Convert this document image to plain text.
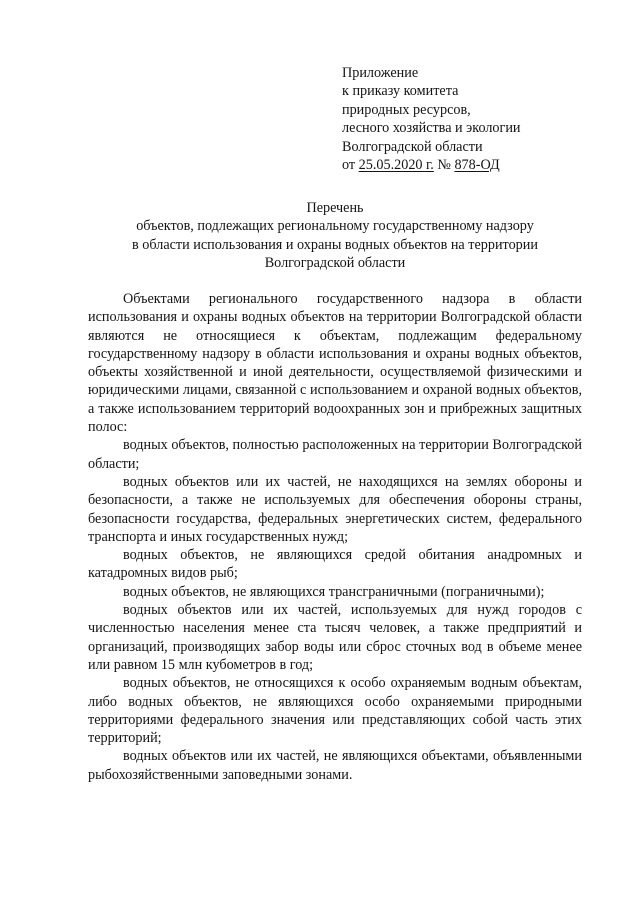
Приложение
к приказу комитета
природных ресурсов,
лесного хозяйства и экологии
Волгоградской области
от 25.05.2020 г. № 878-ОД
Перечень
объектов, подлежащих региональному государственному надзору
в области использования и охраны водных объектов на территории
Волгоградской области

Объектами регионального государственного надзора в области использования и охраны водных объектов на территории Волгоградской области являются не относящиеся к объектам, подлежащим федеральному государственному надзору в области использования и охраны водных объектов, объекты хозяйственной и иной деятельности, осуществляемой физическими и юридическими лицами, связанной с использованием и охраной водных объектов, а также использованием территорий водоохранных зон и прибрежных защитных полос:

водных объектов, полностью расположенных на территории Волгоградской области;

водных объектов или их частей, не находящихся на землях обороны и безопасности, а также не используемых для обеспечения обороны страны, безопасности государства, федеральных энергетических систем, федерального транспорта и иных государственных нужд;

водных объектов, не являющихся средой обитания анадромных и катадромных видов рыб;

водных объектов, не являющихся трансграничными (пограничными);

водных объектов или их частей, используемых для нужд городов с численностью населения менее ста тысяч человек, а также предприятий и организаций, производящих забор воды или сброс сточных вод в объеме менее или равном 15 млн кубометров в год;

водных объектов, не относящихся к особо охраняемым водным объектам, либо водных объектов, не являющихся особо охраняемыми природными территориями федерального значения или представляющих собой часть этих территорий;

водных объектов или их частей, не являющихся объектами, объявленными рыбохозяйственными заповедными зонами.
